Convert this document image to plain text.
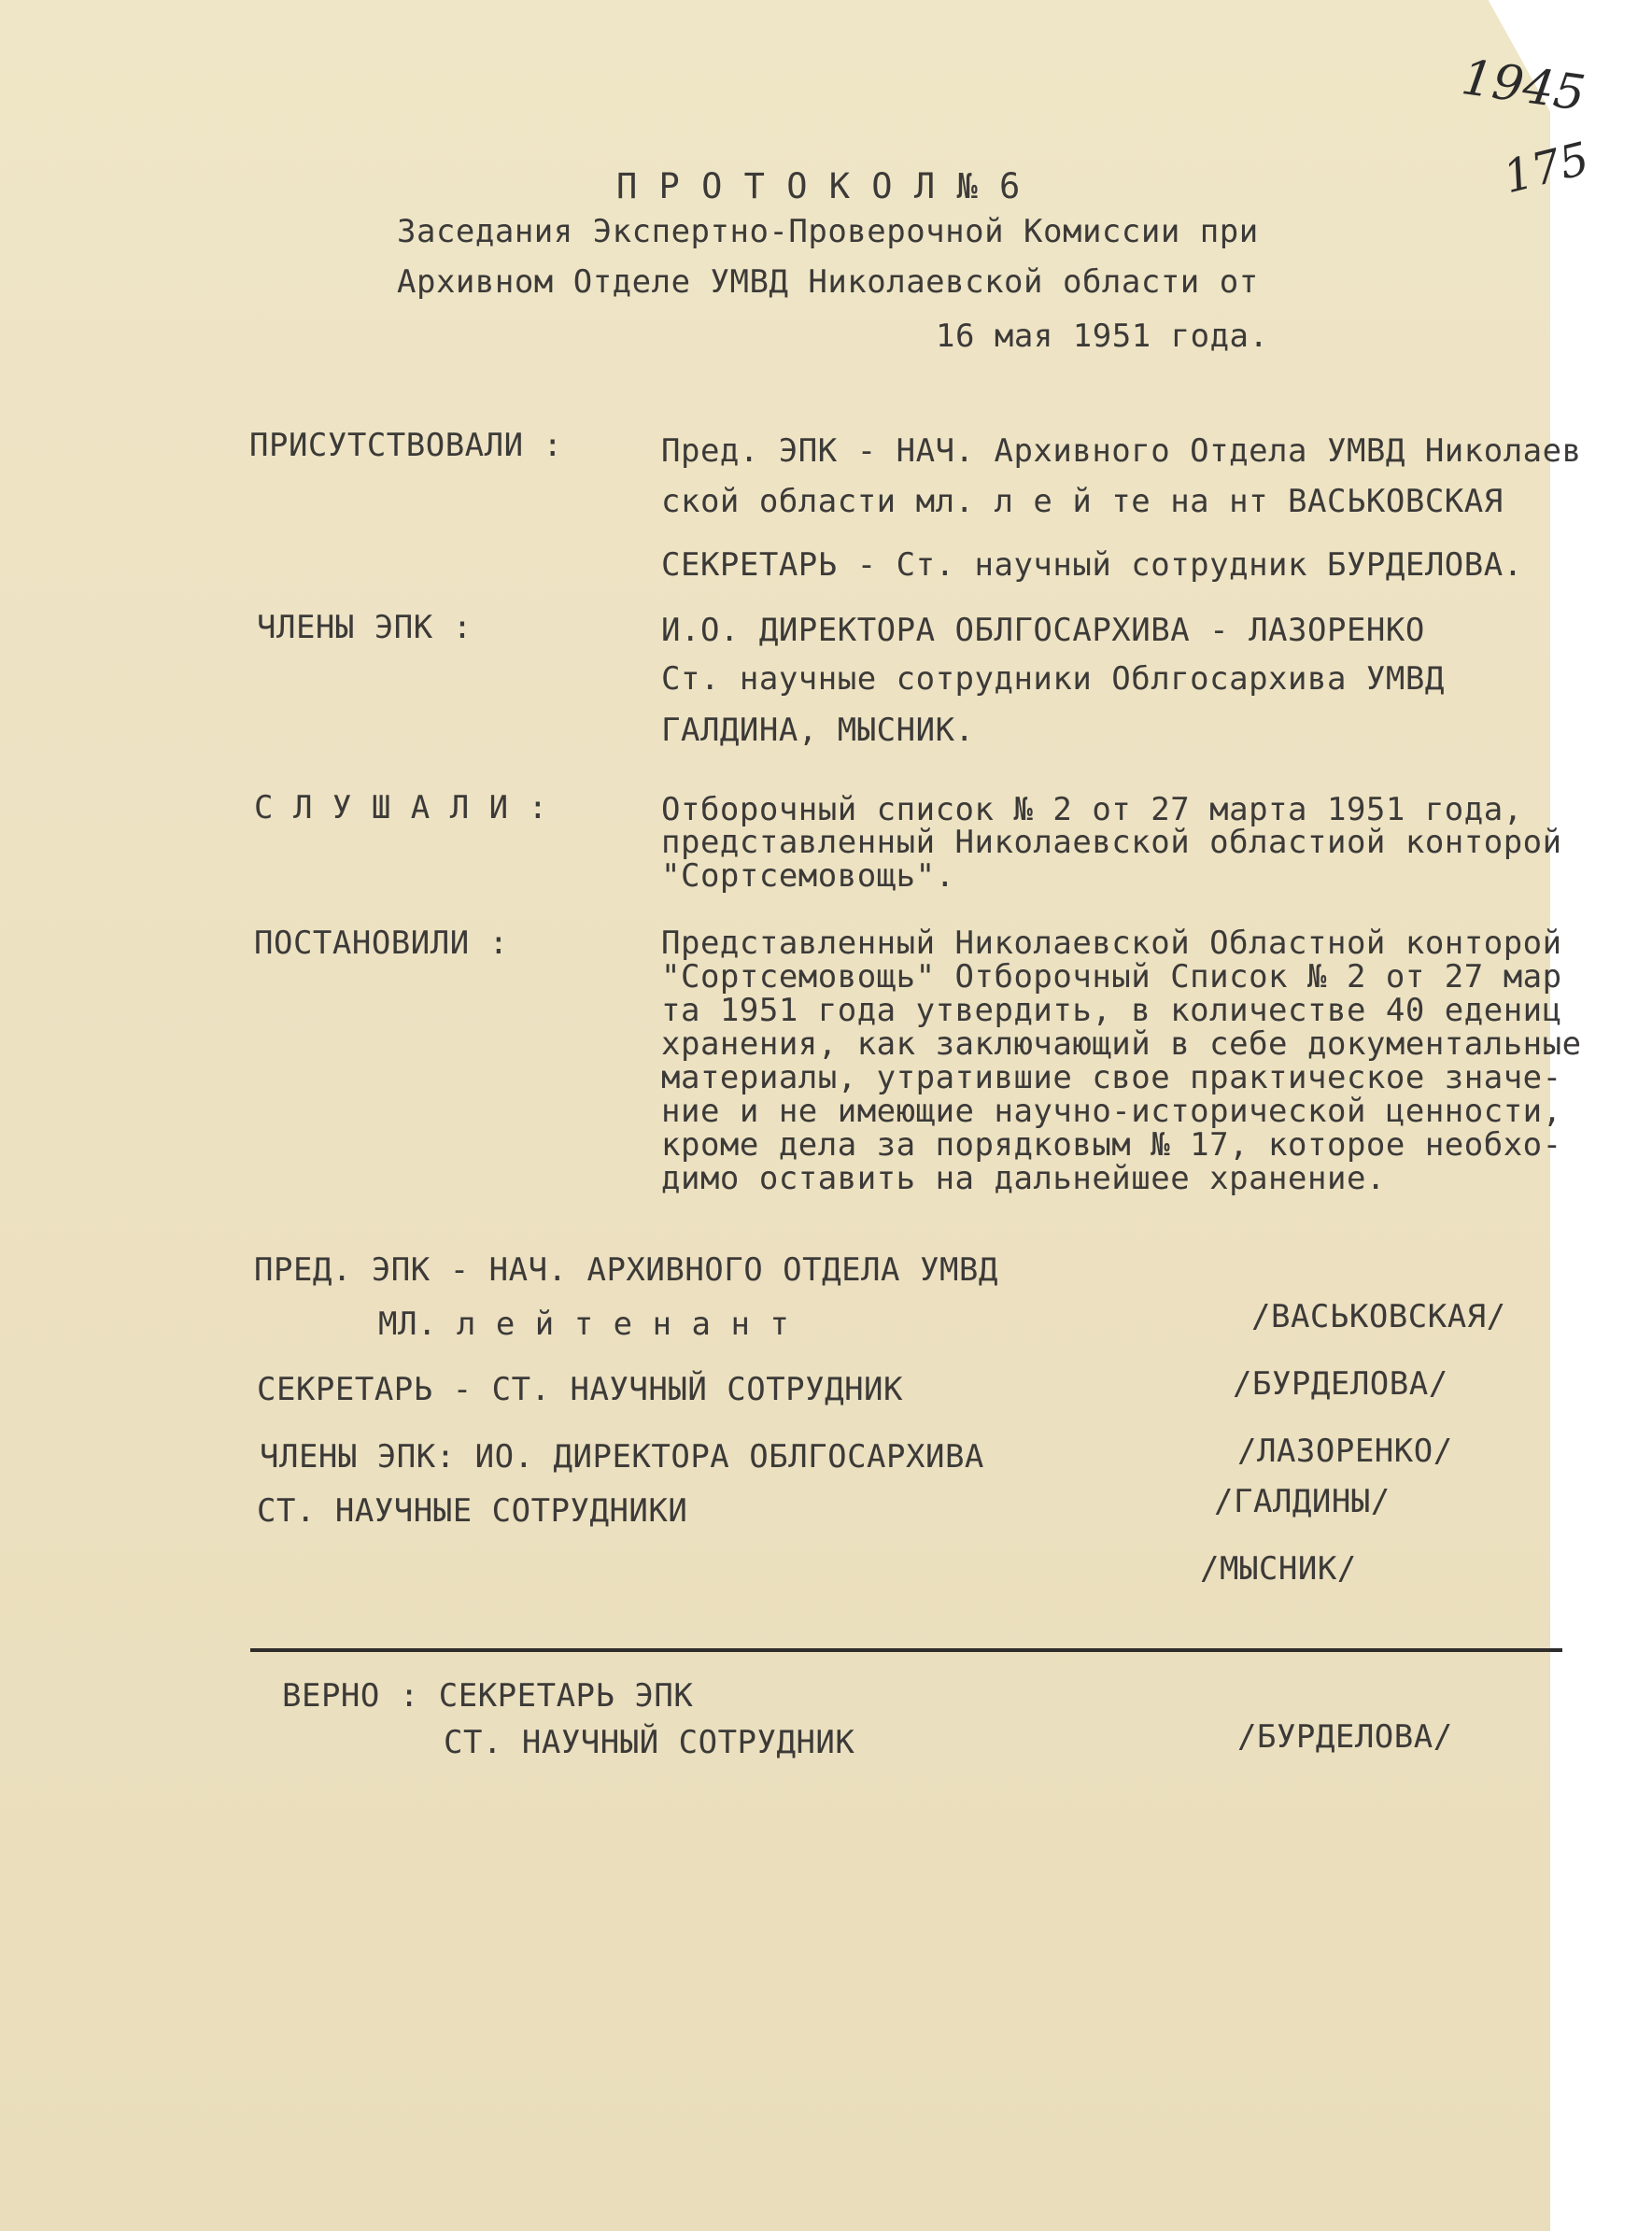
1945
175
П Р О Т О К О Л № 6
Заседания Экспертно-Проверочной Комиссии при
Архивном Отделе УМВД Николаевской области от
16 мая 1951 года.
ПРИСУТСТВОВАЛИ :	Пред. ЭПК - НАЧ. Архивного Отдела УМВД Николаев
ской области мл. л е й те на нт ВАСЬКОВСКАЯ
СЕКРЕТАРЬ - Ст. научный сотрудник БУРДЕЛОВА.
ЧЛЕНЫ ЭПК :	И.О. ДИРЕКТОРА ОБЛГОСАРХИВА - ЛАЗОРЕНКО
Ст. научные сотрудники Облгосархива УМВД
ГАЛДИНА, МЫСНИК.
С Л У Ш А Л И :	Отборочный список № 2 от 27 марта 1951 года,
представленный Николаевской областиой конторой
"Сортсемовощь".
ПОСТАНОВИЛИ :	Представленный Николаевской Областной конторой
"Сортсемовощь" Отборочный Список № 2 от 27 мар
та 1951 года утвердить, в количестве 40 едениц
хранения, как заключающий в себе документальные
материалы, утратившие свое практическое значе-
ние и не имеющие научно-исторической ценности,
кроме дела за порядковым № 17, которое необхо-
димо оставить на дальнейшее хранение.
ПРЕД. ЭПК - НАЧ. АРХИВНОГО ОТДЕЛА УМВД
МЛ. л е й т е н а н т	/ВАСЬКОВСКАЯ/
СЕКРЕТАРЬ - СТ. НАУЧНЫЙ СОТРУДНИК	/БУРДЕЛОВА/
ЧЛЕНЫ ЭПК: ИО. ДИРЕКТОРА ОБЛГОСАРХИВА	/ЛАЗОРЕНКО/
СТ. НАУЧНЫЕ СОТРУДНИКИ	/ГАЛДИНЫ/
/МЫСНИК/
ВЕРНО : СЕКРЕТАРЬ ЭПК
СТ. НАУЧНЫЙ СОТРУДНИК	/БУРДЕЛОВА/
